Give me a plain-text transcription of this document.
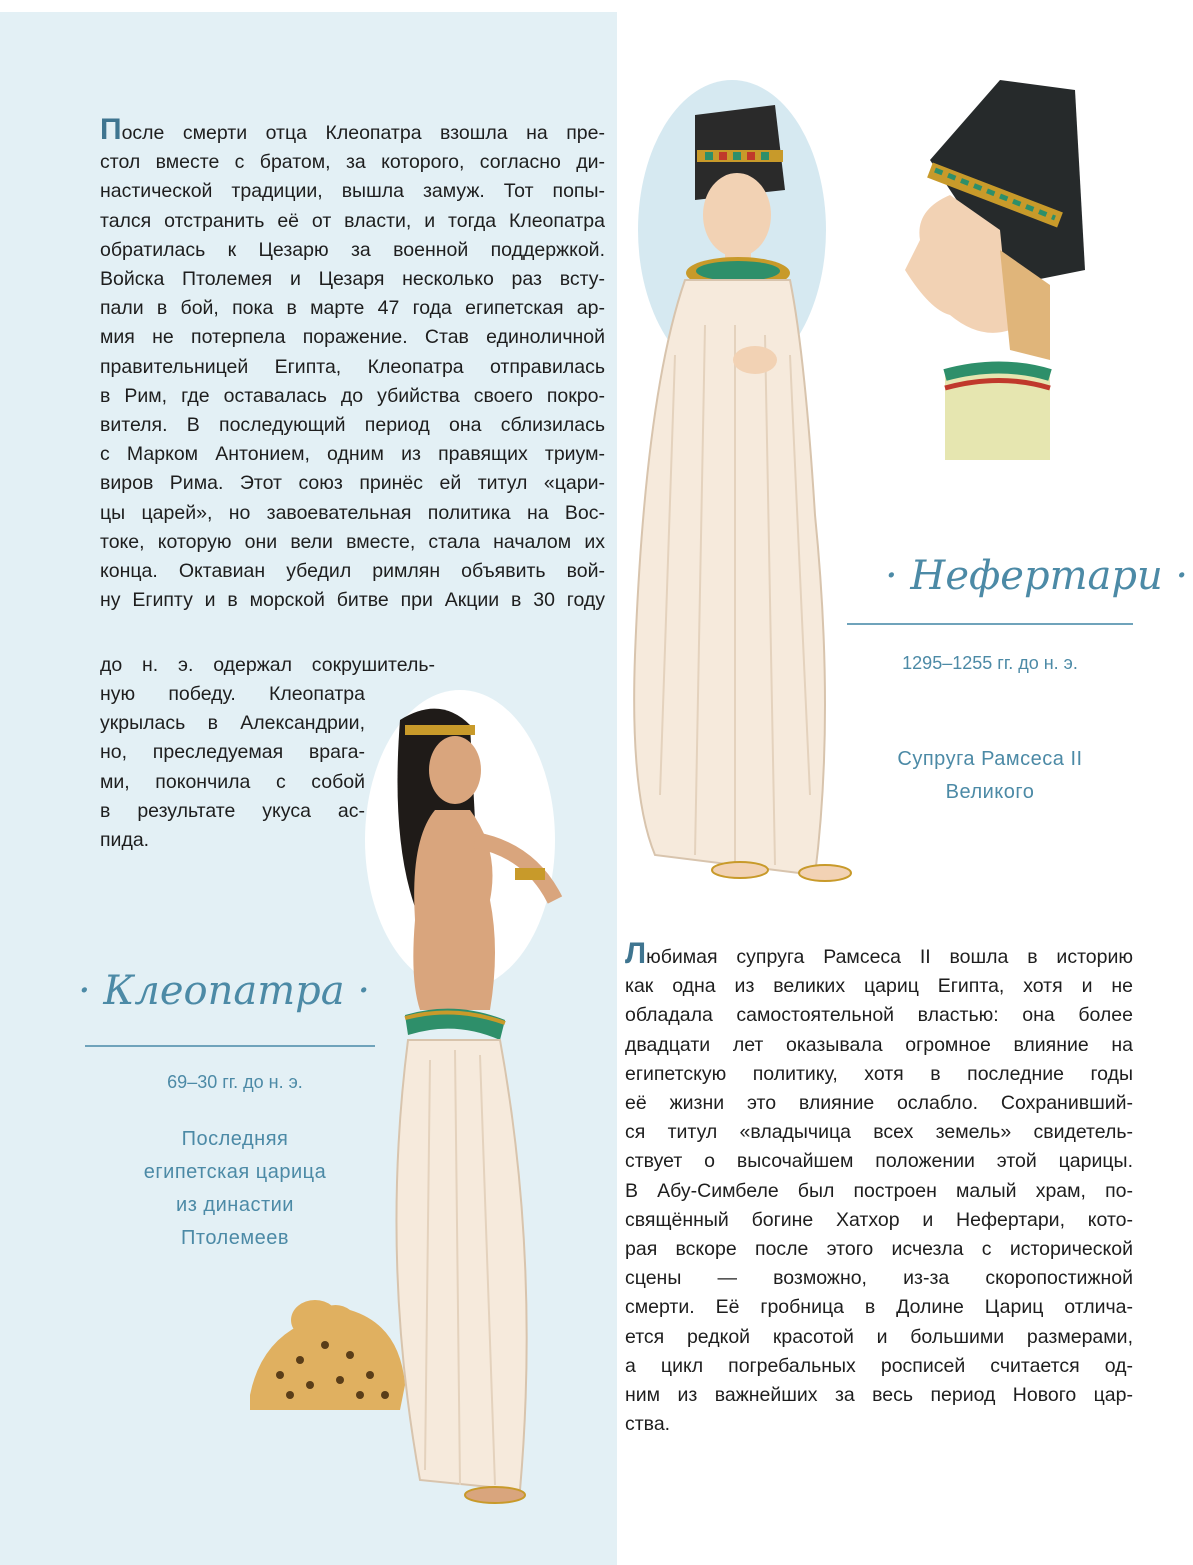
После смерти отца Клеопатра взошла на пре-
стол вместе с братом, за которого, согласно ди-
настической традиции, вышла замуж. Тот попы-
тался отстранить её от власти, и тогда Клеопатра
обратилась к Цезарю за военной поддержкой.
Войска Птолемея и Цезаря несколько раз всту-
пали в бой, пока в марте 47 года египетская ар-
мия не потерпела поражение. Став единоличной
правительницей Египта, Клеопатра отправилась
в Рим, где оставалась до убийства своего покро-
вителя. В последующий период она сблизилась
с Марком Антонием, одним из правящих триум-
виров Рима. Этот союз принёс ей титул «цари-
цы царей», но завоевательная политика на Вос-
токе, которую они вели вместе, стала началом их
конца. Октавиан убедил римлян объявить вой-
ну Египту и в морской битве при Акции в 30 году
до н. э. одержал сокрушитель-
ную победу. Клеопатра
укрылась в Александрии,
но, преследуемая врага-
ми, покончила с собой
в результате укуса ас-
пида.
· Нефертари ·
1295–1255 гг. до н. э.
Супруга Рамсеса II
Великого
· Клеопатра ·
69–30 гг. до н. э.
Последняя
египетская царица
из династии
Птолемеев
Любимая супруга Рамсеса II вошла в историю
как одна из великих цариц Египта, хотя и не
обладала самостоятельной властью: она более
двадцати лет оказывала огромное влияние на
египетскую политику, хотя в последние годы
её жизни это влияние ослабло. Сохранивший-
ся титул «владычица всех земель» свидетель-
ствует о высочайшем положении этой царицы.
В Абу-Симбеле был построен малый храм, по-
свящённый богине Хатхор и Нефертари, кото-
рая вскоре после этого исчезла с исторической
сцены — возможно, из-за скоропостижной
смерти. Её гробница в Долине Цариц отлича-
ется редкой красотой и большими размерами,
а цикл погребальных росписей считается од-
ним из важнейших за весь период Нового цар-
ства.
